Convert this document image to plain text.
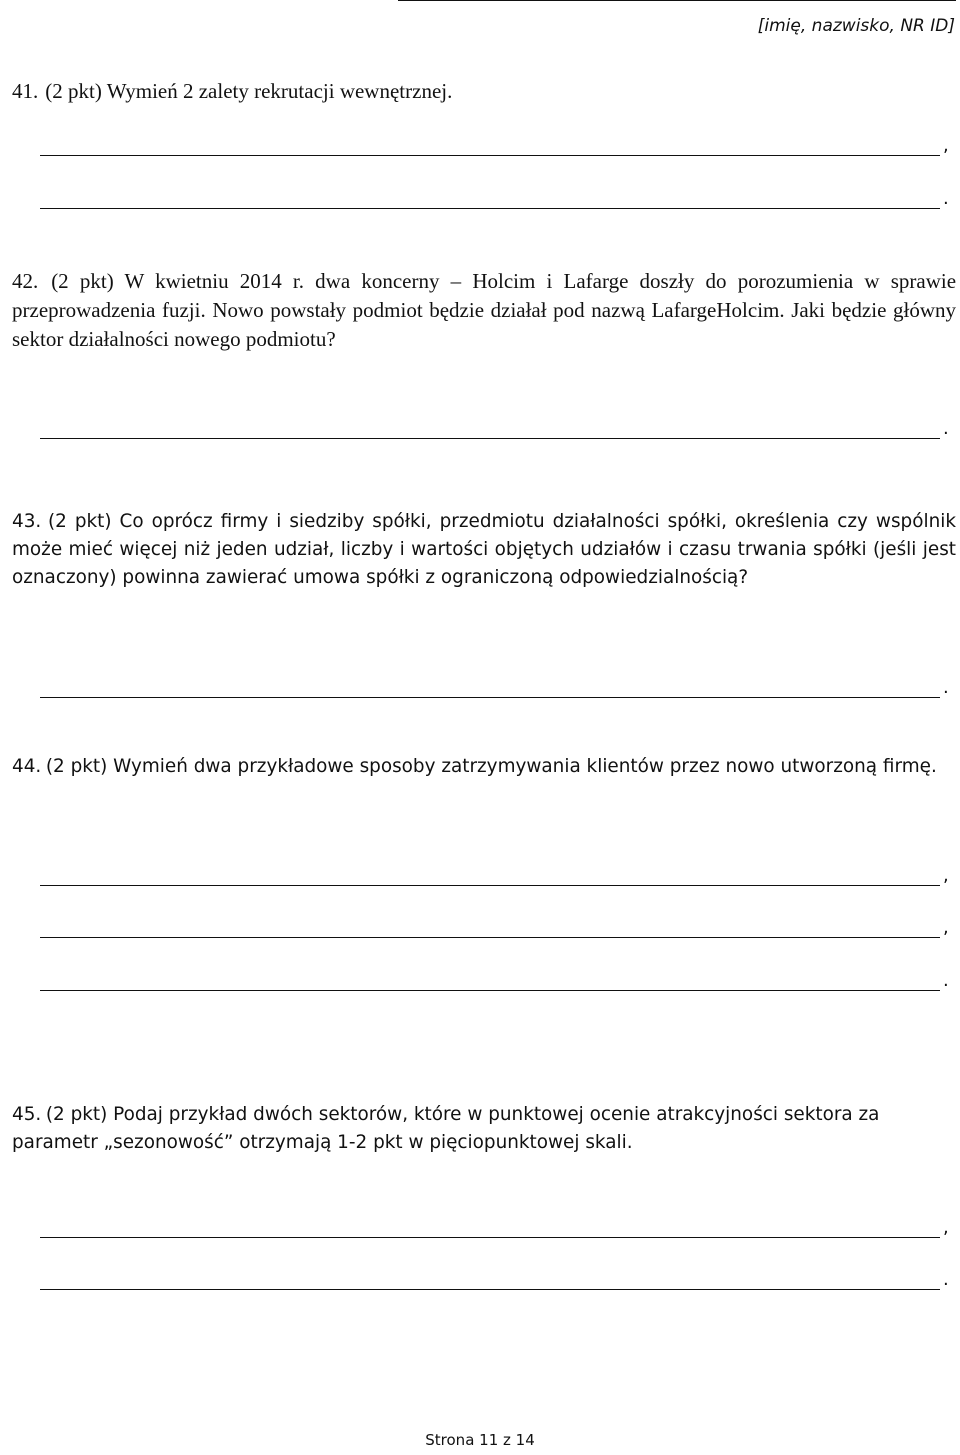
[imię, nazwisko, NR ID]
41. (2 pkt) Wymień 2 zalety rekrutacji wewnętrznej.
,
.
42. (2 pkt) W kwietniu 2014 r. dwa koncerny – Holcim i Lafarge doszły do porozumienia w sprawie przeprowadzenia fuzji. Nowo powstały podmiot będzie działał pod nazwą LafargeHolcim. Jaki będzie główny sektor działalności nowego podmiotu?
.
43. (2 pkt) Co oprócz firmy i siedziby spółki, przedmiotu działalności spółki, określenia czy wspólnik może mieć więcej niż jeden udział, liczby i wartości objętych udziałów i czasu trwania spółki (jeśli jest oznaczony) powinna zawierać umowa spółki z ograniczoną odpowiedzialnością?
.
44. (2 pkt) Wymień dwa przykładowe sposoby zatrzymywania klientów przez nowo utworzoną firmę.
,
,
.
45. (2 pkt) Podaj przykład dwóch sektorów, które w punktowej ocenie atrakcyjności sektora za parametr „sezonowość” otrzymają 1-2 pkt w pięciopunktowej skali.
,
.
Strona 11 z 14
